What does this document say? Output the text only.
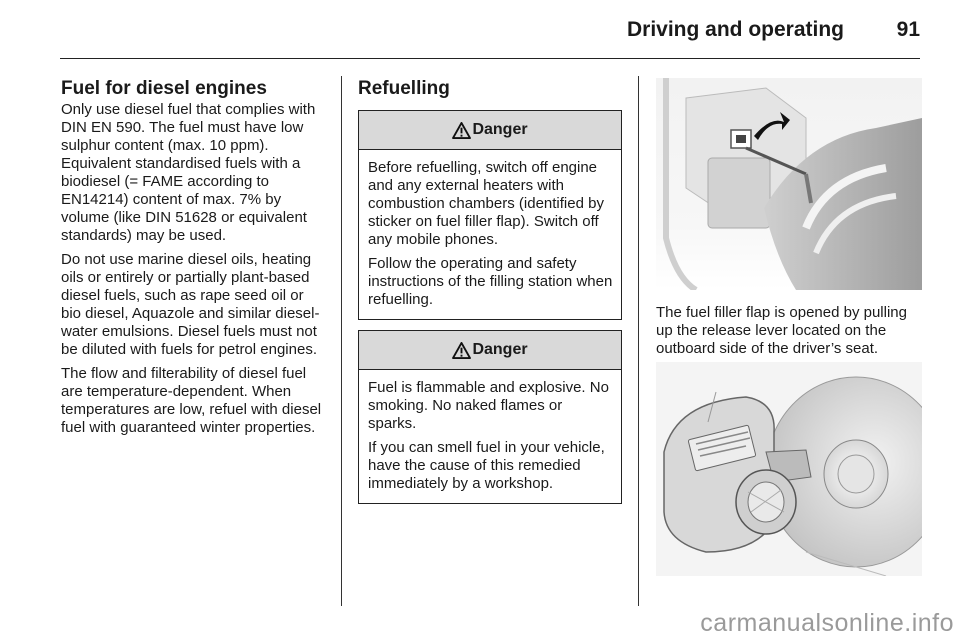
Driving and operating	91
Fuel for diesel engines

Only use diesel fuel that complies with DIN EN 590. The fuel must have low sulphur content (max. 10 ppm). Equivalent standardised fuels with a biodiesel (= FAME according to EN14214) content of max. 7% by volume (like DIN 51628 or equivalent standards) may be used.

Do not use marine diesel oils, heating oils or entirely or partially plant-based diesel fuels, such as rape seed oil or bio diesel, Aquazole and similar diesel-water emulsions. Diesel fuels must not be diluted with fuels for petrol engines.

The flow and filterability of diesel fuel are temperature-dependent. When temperatures are low, refuel with diesel fuel with guaranteed winter properties.

Refuelling
Danger

Before refuelling, switch off engine and any external heaters with combustion chambers (identified by sticker on fuel filler flap). Switch off any mobile phones.

Follow the operating and safety instructions of the filling station when refuelling.

Danger

Fuel is flammable and explosive. No smoking. No naked flames or sparks.

If you can smell fuel in your vehicle, have the cause of this remedied immediately by a workshop.

The fuel filler flap is opened by pulling up the release lever located on the outboard side of the driver’s seat.

carmanualsonline.info
